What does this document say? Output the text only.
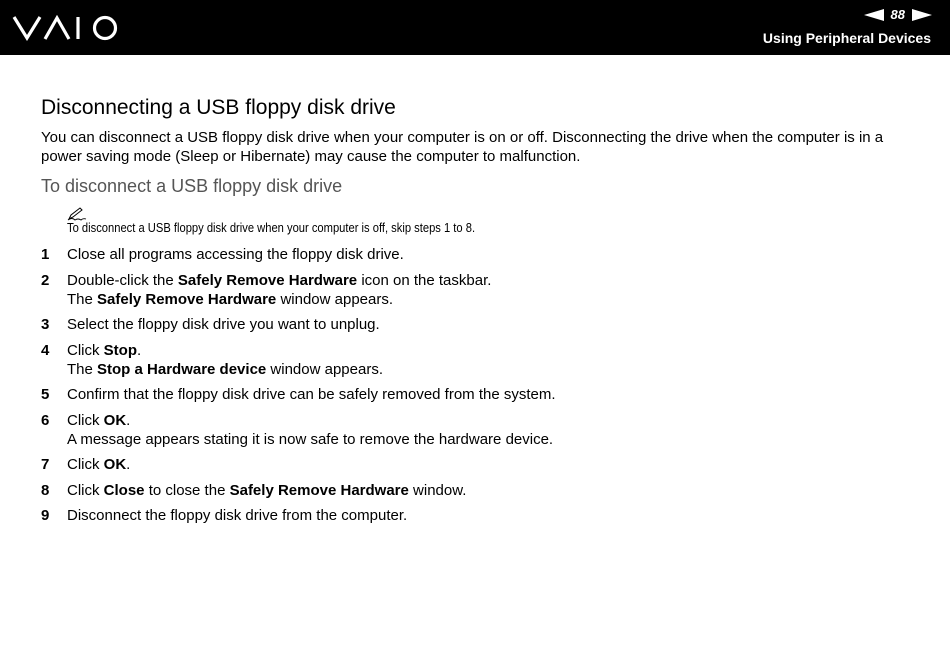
88
Using Peripheral Devices
Disconnecting a USB floppy disk drive

You can disconnect a USB floppy disk drive when your computer is on or off. Disconnecting the drive when the computer is in a power saving mode (Sleep or Hibernate) may cause the computer to malfunction.

To disconnect a USB floppy disk drive
To disconnect a USB floppy disk drive when your computer is off, skip steps 1 to 8.
1	Close all programs accessing the floppy disk drive.
2	Double-click the Safely Remove Hardware icon on the taskbar.
The Safely Remove Hardware window appears.
3	Select the floppy disk drive you want to unplug.
4	Click Stop.
The Stop a Hardware device window appears.
5	Confirm that the floppy disk drive can be safely removed from the system.
6	Click OK.
A message appears stating it is now safe to remove the hardware device.
7	Click OK.
8	Click Close to close the Safely Remove Hardware window.
9	Disconnect the floppy disk drive from the computer.
